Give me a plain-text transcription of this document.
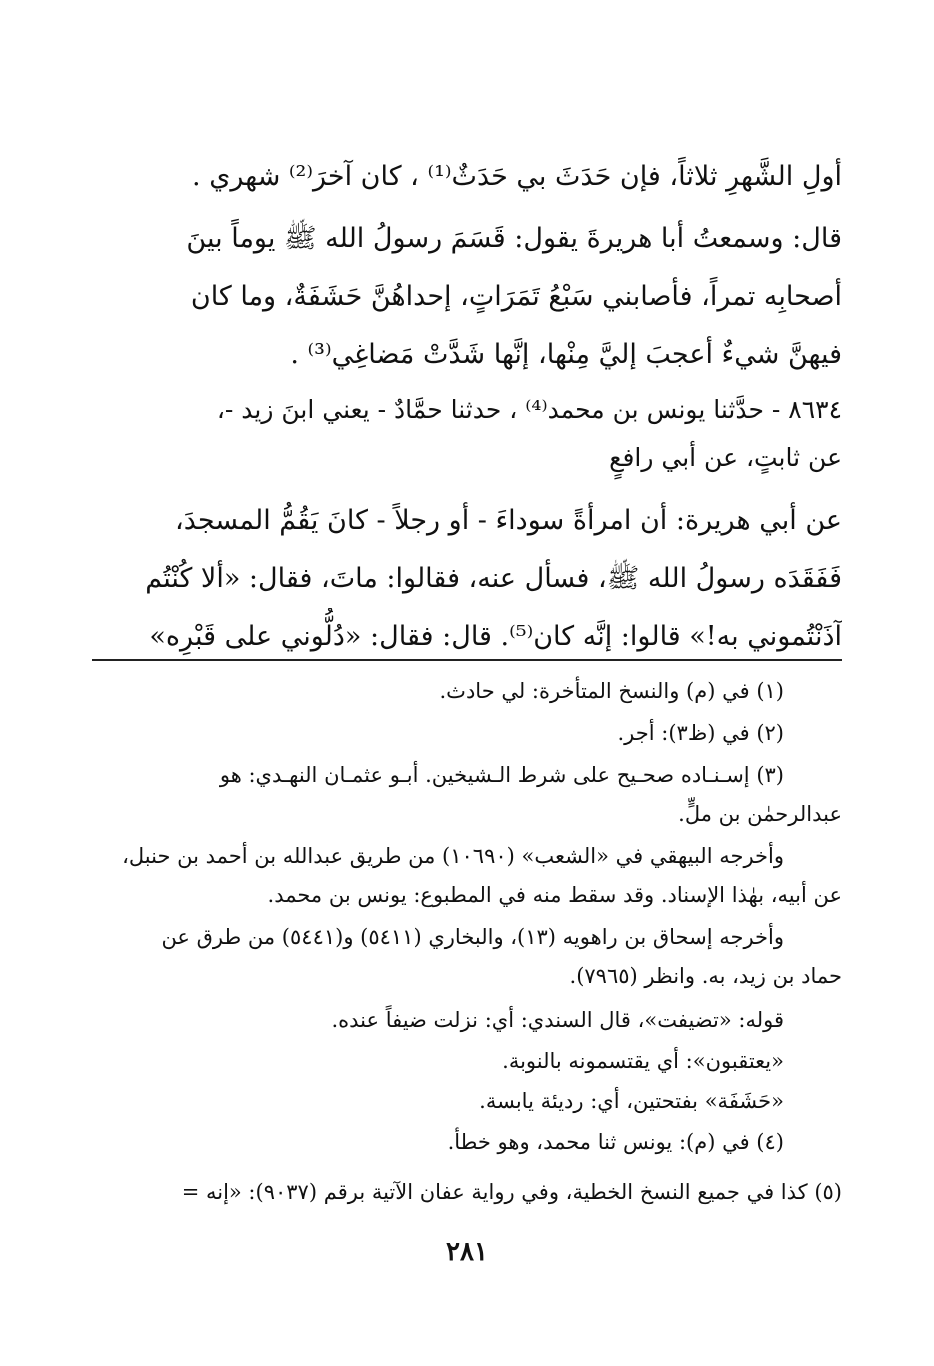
أولِ الشَّهرِ ثلاثاً، فإن حَدَثَ بي حَدَثٌ⁽¹⁾ ، كان آخرَ⁽²⁾ شهري .
قال: وسمعتُ أبا هريرةَ يقول: قَسَمَ رسولُ الله ﷺ يوماً بينَ
أصحابِه تمراً، فأصابني سَبْعُ تَمَرَاتٍ، إحداهُنَّ حَشَفَةٌ، وما كان
فيهنَّ شيءٌ أعجبَ إليَّ مِنْها، إنَّها شَدَّتْ مَضاغِي⁽³⁾ .
٨٦٣٤ - حدَّثنا يونس بن محمد⁽⁴⁾ ، حدثنا حمَّادٌ - يعني ابنَ زيد -،
عن ثابتٍ، عن أبي رافعٍ
عن أبي هريرة: أن امرأةً سوداءَ - أو رجلاً - كانَ يَقُمُّ المسجدَ،
فَفَقَدَه رسولُ الله ﷺ، فسأل عنه، فقالوا: ماتَ، فقال: «ألا كُنْتُم
آذَنْتُموني به!» قالوا: إنَّه كان⁽⁵⁾. قال: فقال: «دُلُّوني على قَبْرِه»
(١) في (م) والنسخ المتأخرة: لي حادث.
(٢) في (ظ٣): أجر.
(٣) إسـنـاده صحـيح على شرط الـشيخين. أبـو عثمـان النهـدي: هو
عبدالرحمٰن بن ملٍّ.
وأخرجه البيهقي في «الشعب» (١٠٦٩٠) من طريق عبدالله بن أحمد بن حنبل،
عن أبيه، بهٰذا الإسناد. وقد سقط منه في المطبوع: يونس بن محمد.
وأخرجه إسحاق بن راهويه (١٣)، والبخاري (٥٤١١) و(٥٤٤١) من طرق عن
حماد بن زيد، به. وانظر (٧٩٦٥).
قوله: «تضيفت»، قال السندي: أي: نزلت ضيفاً عنده.
«يعتقبون»: أي يقتسمونه بالنوبة.
«حَشَفَة» بفتحتين، أي: رديئة يابسة.
(٤) في (م): يونس ثنا محمد، وهو خطأ.
(٥) كذا في جميع النسخ الخطية، وفي رواية عفان الآتية برقم (٩٠٣٧): «إنه =
٢٨١
